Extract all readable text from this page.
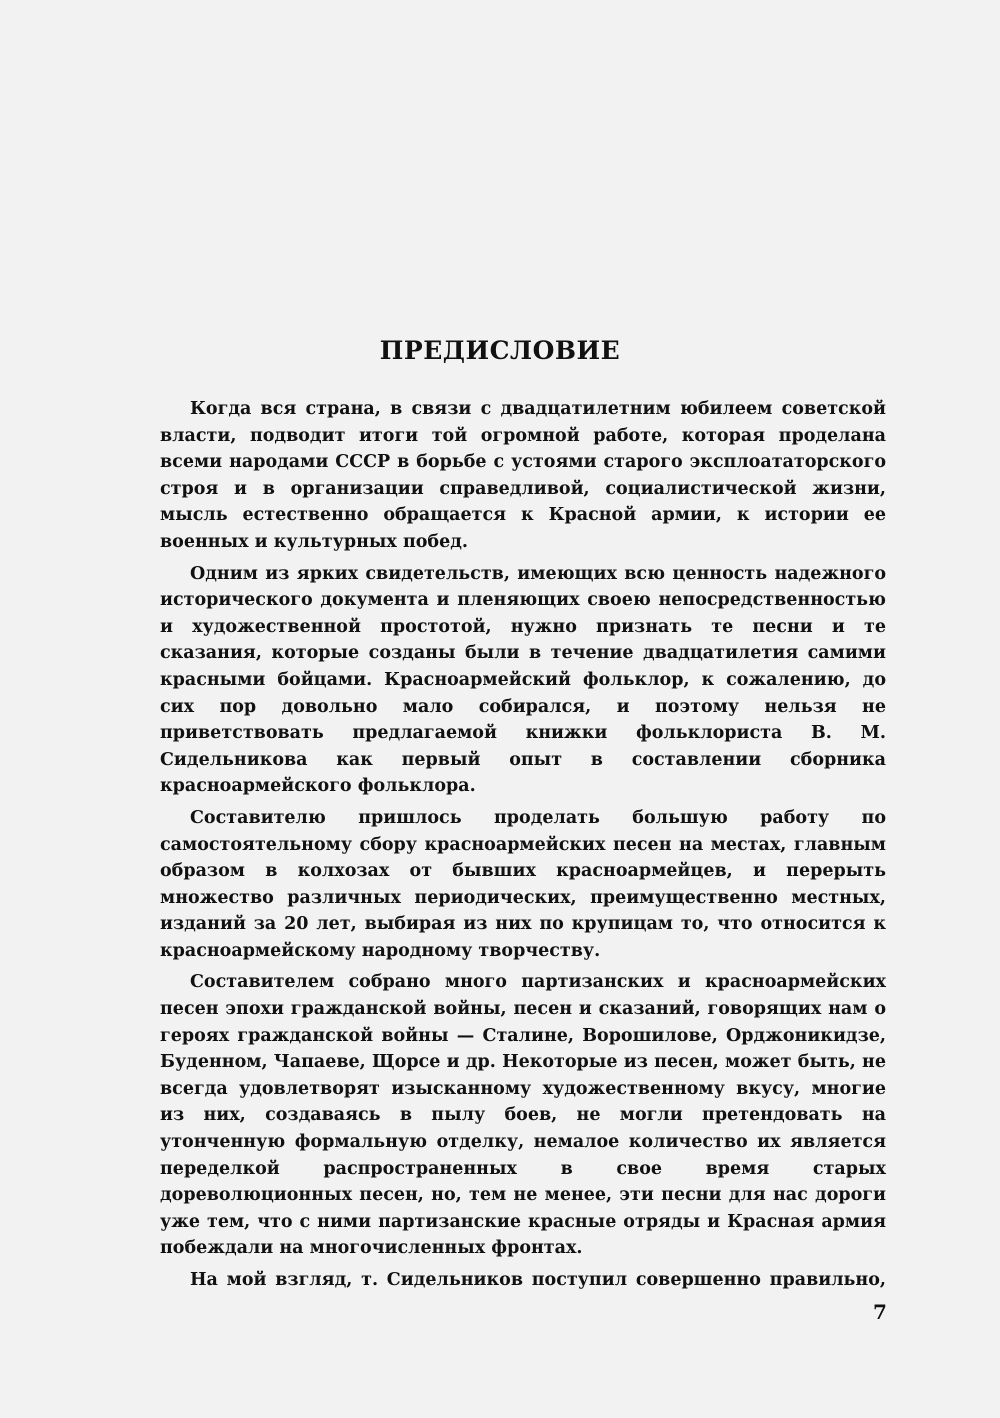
ПРЕДИСЛОВИЕ

Когда вся страна, в связи с двадцатилетним юбилеем советской власти, подводит итоги той огромной работе, которая проделана всеми народами СССР в борьбе с устоями старого эксплоататорского строя и в организации справедливой, социалистической жизни, мысль естественно обращается к Красной армии, к истории ее военных и культурных побед.

Одним из ярких свидетельств, имеющих всю ценность надежного исторического документа и пленяющих своею непосредственностью и художественной простотой, нужно признать те песни и те сказания, которые созданы были в течение двадцатилетия самими красными бойцами. Красноармейский фольклор, к сожалению, до сих пор довольно мало собирался, и поэтому нельзя не приветствовать предлагаемой книжки фольклориста В. М. Сидельникова как первый опыт в составлении сборника красноармейского фольклора.

Составителю пришлось проделать большую работу по самостоятельному сбору красноармейских песен на местах, главным образом в колхозах от бывших красноармейцев, и перерыть множество различных периодических, преимущественно местных, изданий за 20 лет, выбирая из них по крупицам то, что относится к красноармейскому народному творчеству.

Составителем собрано много партизанских и красноармейских песен эпохи гражданской войны, песен и сказаний, говорящих нам о героях гражданской войны — Сталине, Ворошилове, Орджоникидзе, Буденном, Чапаеве, Щорсе и др. Некоторые из песен, может быть, не всегда удовлетворят изысканному художественному вкусу, многие из них, создаваясь в пылу боев, не могли претендовать на утонченную формальную отделку, немалое количество их является переделкой распространенных в свое время старых дореволюционных песен, но, тем не менее, эти песни для нас дороги уже тем, что с ними партизанские красные отряды и Красная армия побеждали на многочисленных фронтах.

На мой взгляд, т. Сидельников поступил совершенно правильно,

7
